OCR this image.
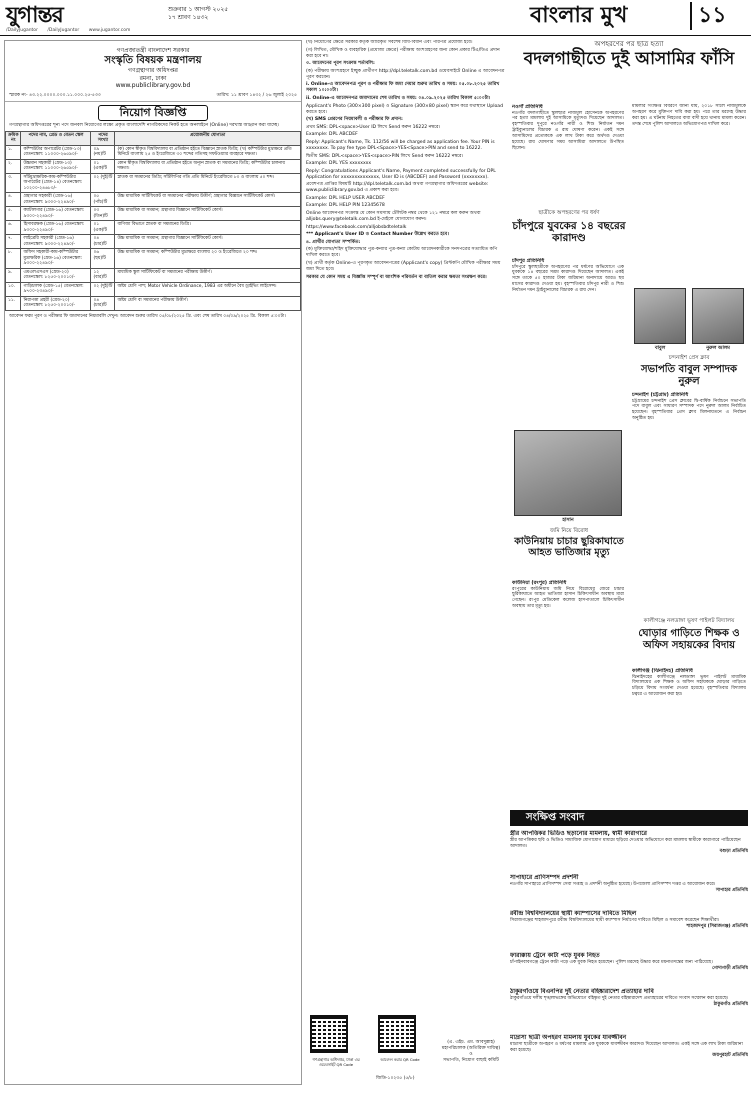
যুগান্তর	শুক্রবার ১ আগস্ট ২০২৫
১৭ শ্রাবণ ১৪৩২
/DailyJugantor /DailyJugantor www.jugantor.com
বাংলার মুখ	১১
গণপ্রজাতন্ত্রী বাংলাদেশ সরকার
সংস্কৃতি বিষয়ক মন্ত্রণালয়
গণগ্রন্থাগার অধিদপ্তর
রমনা, ঢাকা
www.publiclibrary.gov.bd
স্মারক নং- ৪৩.২২.০০০০.০০০.১১.০০০.২৫-৫৩৩	তারিখ: ১১ শ্রাবণ ১৪৩২ / ২৬ জুলাই ২০২৫
নিয়োগ বিজ্ঞপ্তি

গণগ্রন্থাগার অধিদপ্তরের শূন্য পদে জনবল নিয়োগের লক্ষ্যে প্রকৃত বাংলাদেশি নাগরিকদের নিকট হতে অনলাইনে (Online) দরখাস্ত আহ্বান করা যাচ্ছে।

ক্রমিক নং	পদের নাম, গ্রেড ও বেতন স্কেল	পদের সংখ্যা	প্রয়োজনীয় যোগ্যতা
১.	কম্পিউটার অপারেটর (গ্রেড-১৩) বেতনস্কেল: ১১০০০-২৬৫৯০/-	০৯ (নয়)টি	(ক) কোন স্বীকৃত বিশ্ববিদ্যালয় বা প্রতিষ্ঠান হইতে বিজ্ঞানে স্নাতক ডিগ্রি; (খ) কম্পিউটার মুদ্রাক্ষরে প্রতি মিনিটে বাংলায় ২৫ ও ইংরেজিতে ৩০ শব্দের গতিসহ সফটওয়্যার ব্যবহারে দক্ষতা।
২.	উচ্চমান সহকারী (গ্রেড-১৩) বেতনস্কেল: ১১০০০-২৬৫৯০/-	০১ (এক)টি	কোন স্বীকৃত বিশ্ববিদ্যালয় বা প্রতিষ্ঠান হইতে অন্যূন স্নাতক বা সমমানের ডিগ্রি; কম্পিউটার চালনায় দক্ষতা।
৩.	সাঁটমুদ্রাক্ষরিক-কাম-কম্পিউটার অপারেটর (গ্রেড-১৪) বেতনস্কেল: ১০২০০-২৪৬৮০/-	০২ (দুই)টি	স্নাতক বা সমমানের ডিগ্রি; সাঁটলিপির গতি প্রতি মিনিটে ইংরেজিতে ৮০ ও বাংলায় ৫০ শব্দ।
৪.	গ্রন্থাগার সহকারী (গ্রেড-১৬) বেতনস্কেল: ৯৩০০-২২৪৯০/-	০৫ (পাঁচ)টি	উচ্চ মাধ্যমিক সার্টিফিকেট বা সমমানের পরীক্ষায় উত্তীর্ণ; গ্রন্থাগার বিজ্ঞানে সার্টিফিকেট কোর্স।
৫.	ক্যাটালগার (গ্রেড-১৬) বেতনস্কেল: ৯৩০০-২২৪৯০/-	০৩ (তিন)টি	উচ্চ মাধ্যমিক বা সমমান; গ্রন্থাগার বিজ্ঞানে সার্টিফিকেট কোর্স।
৬.	হিসাবরক্ষক (গ্রেড-১৬) বেতনস্কেল: ৯৩০০-২২৪৯০/-	০১ (এক)টি	বাণিজ্য বিভাগে স্নাতক বা সমমানের ডিগ্রি।
৭.	লাইব্রেরি সহকারী (গ্রেড-১৬) বেতনস্কেল: ৯৩০০-২২৪৯০/-	০৪ (চার)টি	উচ্চ মাধ্যমিক বা সমমান; গ্রন্থাগার বিজ্ঞানে সার্টিফিকেট কোর্স।
৮.	অফিস সহকারী-কাম-কম্পিউটার মুদ্রাক্ষরিক (গ্রেড-১৬) বেতনস্কেল: ৯৩০০-২২৪৯০/-	০৬ (ছয়)টি	উচ্চ মাধ্যমিক বা সমমান; কম্পিউটার মুদ্রাক্ষরে বাংলায় ২০ ও ইংরেজিতে ২০ শব্দ।
৯.	এমএলএসএস (গ্রেড-২০) বেতনস্কেল: ৮২৫০-২০০১০/-	১২ (বার)টি	মাধ্যমিক স্কুল সার্টিফিকেট বা সমমানের পরীক্ষায় উত্তীর্ণ।
১০.	গাড়িচালক (গ্রেড-১৫) বেতনস্কেল: ৯৭০০-২৩৪৯০/-	০২ (দুই)টি	অষ্টম শ্রেণি পাশ; Motor Vehicle Ordinance, 1983 এর অধীনে বৈধ ড্রাইভিং লাইসেন্স।
১১.	নিরাপত্তা প্রহরী (গ্রেড-২০) বেতনস্কেল: ৮২৫০-২০০১০/-	০৪ (চার)টি	অষ্টম শ্রেণি বা সমমানের পরীক্ষায় উত্তীর্ণ।

আবেদন ফরম পূরণ ও পরীক্ষার ফি জমাদানের নিয়মাবলি দেখুন। আবেদন শুরুর তারিখ ০৫/০৮/২০২৫ খ্রি. এবং শেষ তারিখ ০৪/০৯/২০২৫ খ্রি. বিকাল ৫:০০টা।

(খ) নিয়োগের ক্ষেত্রে সরকার কর্তৃক জারিকৃত সর্বশেষ বিধি-বিধান এবং পরিপত্র প্রযোজ্য হবে।

(গ) লিখিত, মৌখিক ও ব্যবহারিক (প্রযোজ্য ক্ষেত্রে) পরীক্ষায় অংশগ্রহণের জন্য কোন প্রকার টিএ/ডিএ প্রদান করা হবে না।

৩. আবেদনের পূরণ সংক্রান্ত শর্তাবলি:

(ক) পরীক্ষায় অংশগ্রহণে ইচ্ছুক প্রার্থীগণ http://dpl.teletalk.com.bd ওয়েবসাইটে Online এ আবেদনপত্র পূরণ করবেন।

i. Online-এ আবেদনপত্র পূরণ ও পরীক্ষার ফি জমা দেয়ার শুরুর তারিখ ও সময়: ০৫.০৮.২০২৫ তারিখ সকাল ১০:০০টা।

ii. Online-এ আবেদনপত্র জমাদানের শেষ তারিখ ও সময়: ০৪.০৯.২০২৫ তারিখ বিকাল ৫:০০টা।

Applicant's Photo (300×300 pixel) ও Signature (300×80 pixel) স্ক্যান করে যথাস্থানে Upload করতে হবে।

(খ) SMS প্রেরণের নিয়মাবলী ও পরীক্ষার ফি প্রদান:

প্রথম SMS: DPL<space>User ID লিখে Send করুন 16222 নম্বরে।

Example: DPL ABCDEF

Reply: Applicant's Name, Tk. 112/56 will be charged as application fee. Your PIN is xxxxxxxx. To pay fee type DPL<Space>YES<Space>PIN and send to 16222.

দ্বিতীয় SMS: DPL<space>YES<space>PIN লিখে Send করুন 16222 নম্বরে।

Example: DPL YES xxxxxxxx

Reply: Congratulations Applicant's Name, Payment completed successfully for DPL Application for xxxxxxxxxxxxxx, User ID is (ABCDEF) and Password (xxxxxxxx).

প্রবেশপত্র প্রাপ্তির বিষয়টি http://dpl.teletalk.com.bd অথবা গণগ্রন্থাগার অধিদপ্তরের website: www.publiclibrary.gov.bd এ প্রকাশ করা হবে।

Example: DPL HELP USER ABCDEF

Example: DPL HELP PIN 12345678

Online আবেদনপত্র সংক্রান্ত যে কোন সমস্যায় টেলিটক নম্বর থেকে ১২১ নম্বরে কল করুন অথবা alljobs.query@teletalk.com.bd ই-মেইলে যোগাযোগ করুন।

https://www.facebook.com/alljobsbdteletalk

*** Applicant's User ID ও Contact Number উল্লেখ করতে হবে।

৪. প্রার্থীর যোগ্যতা সম্পর্কিত:

(ক) মুক্তিযোদ্ধা/শহিদ মুক্তিযোদ্ধার পুত্র-কন্যার পুত্র-কন্যা কোটায় আবেদনকারীকে সনদপত্রের সত্যায়িত কপি দাখিল করতে হবে।

(খ) প্রার্থী কর্তৃক Online-এ পূরণকৃত আবেদনপত্রের (Applicant's copy) প্রিন্টকপি মৌখিক পরীক্ষার সময় জমা দিতে হবে।

সরকার যে কোন সময় এ বিজ্ঞপ্তি সম্পূর্ণ বা আংশিক পরিবর্তন বা বাতিল করার ক্ষমতা সংরক্ষণ করে।

গণগ্রন্থাগার অধিদপ্তর, ঢাকা এর ওয়েবসাইট QR Code
আবেদন করার QR Code
(এ. এইচ. এম. আবদুল্লাহ)
মহাপরিচালক (অতিরিক্ত দায়িত্ব)
ও
সভাপতি, নিয়োগ বাছাই কমিটি
জিডি-১০২৩৫ (৫/৮)
অপহরণের পর ছাত্র হত্যা
বদলগাছীতে দুই আসামির ফাঁসি
নওগাঁ প্রতিনিধি
নওগাঁর বদলগাছীতে স্কুলছাত্র নাজমুল হোসেনকে অপহরণের পর হত্যা মামলায় দুই আসামিকে মৃত্যুদণ্ড দিয়েছেন আদালত। বৃহস্পতিবার দুপুরে নওগাঁর নারী ও শিশু নির্যাতন দমন ট্রাইব্যুনালের বিচারক এ রায় ঘোষণা করেন। একই সঙ্গে আসামিদের প্রত্যেককে এক লাখ টাকা করে অর্থদণ্ড দেওয়া হয়েছে। রায় ঘোষণার সময় আসামিরা আদালতে উপস্থিত ছিলেন।
মামলার সংক্ষিপ্ত বিবরণে জানা যায়, ২০১৮ সালে নাজমুলকে অপহরণ করে মুক্তিপণ দাবি করা হয়। পরে তার মরদেহ উদ্ধার করা হয়। এ ঘটনায় নিহতের বাবা বাদী হয়ে থানায় মামলা করেন। তদন্ত শেষে পুলিশ আদালতে অভিযোগপত্র দাখিল করে।
ছাত্রীকে অপহরণের পর ধর্ষণ
চাঁদপুরে যুবকের ১৪ বছরের কারাদণ্ড
চাঁদপুর প্রতিনিধি
চাঁদপুরে স্কুলছাত্রীকে অপহরণের পর ধর্ষণের অভিযোগে এক যুবককে ১৪ বছরের সশ্রম কারাদণ্ড দিয়েছেন আদালত। একই সঙ্গে তাকে ৫০ হাজার টাকা জরিমানা অনাদায়ে আরও ছয় মাসের কারাদণ্ড দেওয়া হয়। বৃহস্পতিবার চাঁদপুর নারী ও শিশু নির্যাতন দমন ট্রাইব্যুনালের বিচারক এ রায় দেন।
বাবুল	নুরুল আলম
চন্দনাইশ প্রেস ক্লাব
সভাপতি বাবুল সম্পাদক নুরুল
চন্দনাইশ (চট্টগ্রাম) প্রতিনিধি
চট্টগ্রামের চন্দনাইশ প্রেস ক্লাবের দ্বি-বার্ষিক নির্বাচনে সভাপতি পদে বাবুল এবং সাধারণ সম্পাদক পদে নুরুল আলম নির্বাচিত হয়েছেন। বৃহস্পতিবার প্রেস ক্লাব মিলনায়তনে এ নির্বাচন অনুষ্ঠিত হয়।
হাসান
জমি নিয়ে বিরোধ
কাউনিয়ায় চাচার ছুরিকাঘাতে আহত ভাতিজার মৃত্যু
কাউনিয়া (রংপুর) প্রতিনিধি
রংপুরের কাউনিয়ায় জমি নিয়ে বিরোধের জেরে চাচার ছুরিকাঘাতে আহত ভাতিজা হাসান চিকিৎসাধীন অবস্থায় মারা গেছেন। রংপুর মেডিকেল কলেজ হাসপাতালে চিকিৎসাধীন অবস্থায় তার মৃত্যু হয়।
কালীগঞ্জে নলডাঙ্গা ভূষণ পাইলট বিদ্যালয়
ঘোড়ার গাড়িতে শিক্ষক ও অফিস সহায়কের বিদায়
কালীগঞ্জ (ঝিনাইদহ) প্রতিনিধি
ঝিনাইদহের কালীগঞ্জে নলডাঙ্গা ভূষণ পাইলট মাধ্যমিক বিদ্যালয়ের এক শিক্ষক ও অফিস সহায়ককে ঘোড়ার গাড়িতে চড়িয়ে বিদায় সংবর্ধনা দেওয়া হয়েছে। বৃহস্পতিবার বিদ্যালয় চত্বরে এ আয়োজন করা হয়।
সংক্ষিপ্ত সংবাদ
স্ত্রীর আপত্তিকর ভিডিও ছড়ানোর মামলায়, স্বামী কারাগারে
স্ত্রীর আপত্তিকর ছবি ও ভিডিও সামাজিক যোগাযোগ মাধ্যমে ছড়িয়ে দেওয়ার অভিযোগে করা মামলায় স্বামীকে কারাগারে পাঠিয়েছেন আদালত।
বগুড়া প্রতিনিধি
সাপাহারে প্রাণিসম্পদ প্রদর্শনী
নওগাঁর সাপাহারে প্রাণিসম্পদ সেবা সপ্তাহ ও প্রদর্শনী অনুষ্ঠিত হয়েছে। উপজেলা প্রাণিসম্পদ দপ্তর এ আয়োজন করে।
সাপাহার প্রতিনিধি
রবীন্দ্র বিশ্ববিদ্যালয়ের স্থায়ী ক্যাম্পাসের দাবিতে মিছিল
সিরাজগঞ্জের শাহজাদপুরে রবীন্দ্র বিশ্ববিদ্যালয়ের স্থায়ী ক্যাম্পাস নির্মাণের দাবিতে মিছিল ও সমাবেশ করেছেন শিক্ষার্থীরা।
শাহজাদপুর (সিরাজগঞ্জ) প্রতিনিধি
ফারাক্কায় ট্রেনে কাটা পড়ে যুবক নিহত
চাঁপাইনবাবগঞ্জে ট্রেনে কাটা পড়ে এক যুবক নিহত হয়েছেন। পুলিশ মরদেহ উদ্ধার করে ময়নাতদন্তের জন্য পাঠিয়েছে।
গোদাগাড়ী প্রতিনিধি
ঠাকুরগাঁওয়ে বিএনপির দুই নেতার বহিষ্কারাদেশ প্রত্যাহার দাবি
ঠাকুরগাঁওয়ে দলীয় শৃঙ্খলাভঙ্গের অভিযোগে বহিষ্কৃত দুই নেতার বহিষ্কারাদেশ প্রত্যাহারের দাবিতে সংবাদ সম্মেলন করা হয়েছে।
ঠাকুরগাঁও প্রতিনিধি
মাদ্রাসা ছাত্রী অপহরণ মামলায় যুবকের যাবজ্জীবন
মাদ্রাসা ছাত্রীকে অপহরণ ও ধর্ষণের মামলায় এক যুবককে যাবজ্জীবন কারাদণ্ড দিয়েছেন আদালত। একই সঙ্গে এক লাখ টাকা জরিমানা করা হয়েছে।
জয়পুরহাট প্রতিনিধি
